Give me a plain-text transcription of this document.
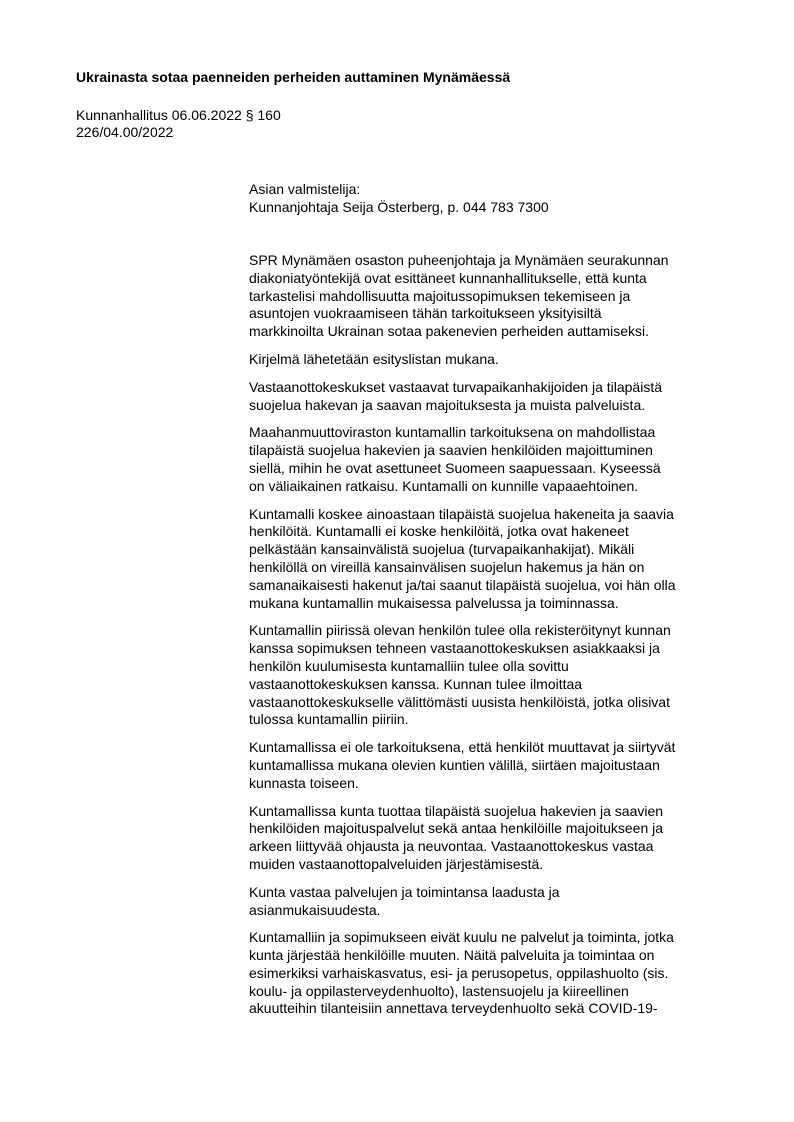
Ukrainasta sotaa paenneiden perheiden auttaminen Mynämäessä
Kunnanhallitus 06.06.2022 § 160
226/04.00/2022
Asian valmistelija:
Kunnanjohtaja Seija Österberg, p. 044 783 7300

SPR Mynämäen osaston puheenjohtaja ja Mynämäen seurakunnan
diakoniatyöntekijä ovat esittäneet kunnanhallitukselle, että kunta
tarkastelisi mahdollisuutta majoitussopimuksen tekemiseen ja
asuntojen vuokraamiseen tähän tarkoitukseen yksityisiltä
markkinoilta Ukrainan sotaa pakenevien perheiden auttamiseksi.

Kirjelmä lähetetään esityslistan mukana.

Vastaanottokeskukset vastaavat turvapaikanhakijoiden ja tilapäistä
suojelua hakevan ja saavan majoituksesta ja muista palveluista.

Maahanmuuttoviraston kuntamallin tarkoituksena on mahdollistaa
tilapäistä suojelua hakevien ja saavien henkilöiden majoittuminen
siellä, mihin he ovat asettuneet Suomeen saapuessaan. Kyseessä
on väliaikainen ratkaisu. Kuntamalli on kunnille vapaaehtoinen.

Kuntamalli koskee ainoastaan tilapäistä suojelua hakeneita ja saavia
henkilöitä. Kuntamalli ei koske henkilöitä, jotka ovat hakeneet
pelkästään kansainvälistä suojelua (turvapaikanhakijat). Mikäli
henkilöllä on vireillä kansainvälisen suojelun hakemus ja hän on
samanaikaisesti hakenut ja/tai saanut tilapäistä suojelua, voi hän olla
mukana kuntamallin mukaisessa palvelussa ja toiminnassa.

Kuntamallin piirissä olevan henkilön tulee olla rekisteröitynyt kunnan
kanssa sopimuksen tehneen vastaanottokeskuksen asiakkaaksi ja
henkilön kuulumisesta kuntamalliin tulee olla sovittu
vastaanottokeskuksen kanssa. Kunnan tulee ilmoittaa
vastaanottokeskukselle välittömästi uusista henkilöistä, jotka olisivat
tulossa kuntamallin piiriin.

Kuntamallissa ei ole tarkoituksena, että henkilöt muuttavat ja siirtyvät
kuntamallissa mukana olevien kuntien välillä, siirtäen majoitustaan
kunnasta toiseen.

Kuntamallissa kunta tuottaa tilapäistä suojelua hakevien ja saavien
henkilöiden majoituspalvelut sekä antaa henkilöille majoitukseen ja
arkeen liittyvää ohjausta ja neuvontaa. Vastaanottokeskus vastaa
muiden vastaanottopalveluiden järjestämisestä.

Kunta vastaa palvelujen ja toimintansa laadusta ja
asianmukaisuudesta.

Kuntamalliin ja sopimukseen eivät kuulu ne palvelut ja toiminta, jotka
kunta järjestää henkilöille muuten. Näitä palveluita ja toimintaa on
esimerkiksi varhaiskasvatus, esi- ja perusopetus, oppilashuolto (sis.
koulu- ja oppilasterveydenhuolto), lastensuojelu ja kiireellinen
akuutteihin tilanteisiin annettava terveydenhuolto sekä COVID-19-
